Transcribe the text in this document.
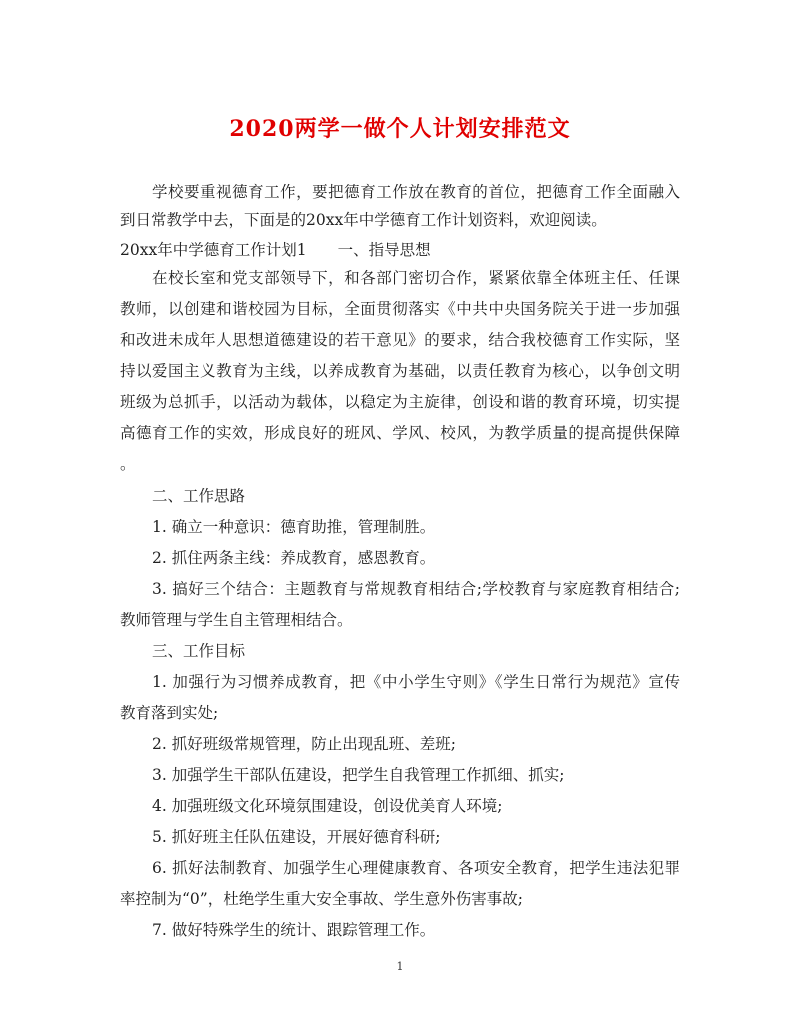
2020两学一做个人计划安排范文
学校要重视德育工作，要把德育工作放在教育的首位，把德育工作全面融入
到日常教学中去，下面是的20xx年中学德育工作计划资料，欢迎阅读。
20xx年中学德育工作计划1　　一、指导思想
在校长室和党支部领导下，和各部门密切合作，紧紧依靠全体班主任、任课
教师，以创建和谐校园为目标，全面贯彻落实《中共中央国务院关于进一步加强
和改进未成年人思想道德建设的若干意见》的要求，结合我校德育工作实际，坚
持以爱国主义教育为主线，以养成教育为基础，以责任教育为核心，以争创文明
班级为总抓手，以活动为载体，以稳定为主旋律，创设和谐的教育环境，切实提
高德育工作的实效，形成良好的班风、学风、校风，为教学质量的提高提供保障
。
二、工作思路
1. 确立一种意识：德育助推，管理制胜。
2. 抓住两条主线：养成教育，感恩教育。
3. 搞好三个结合：主题教育与常规教育相结合;学校教育与家庭教育相结合;
教师管理与学生自主管理相结合。
三、工作目标
1. 加强行为习惯养成教育，把《中小学生守则》《学生日常行为规范》宣传
教育落到实处;
2. 抓好班级常规管理，防止出现乱班、差班;
3. 加强学生干部队伍建设，把学生自我管理工作抓细、抓实;
4. 加强班级文化环境氛围建设，创设优美育人环境;
5. 抓好班主任队伍建设，开展好德育科研;
6. 抓好法制教育、加强学生心理健康教育、各项安全教育，把学生违法犯罪
率控制为“0”，杜绝学生重大安全事故、学生意外伤害事故;
7. 做好特殊学生的统计、跟踪管理工作。
1
